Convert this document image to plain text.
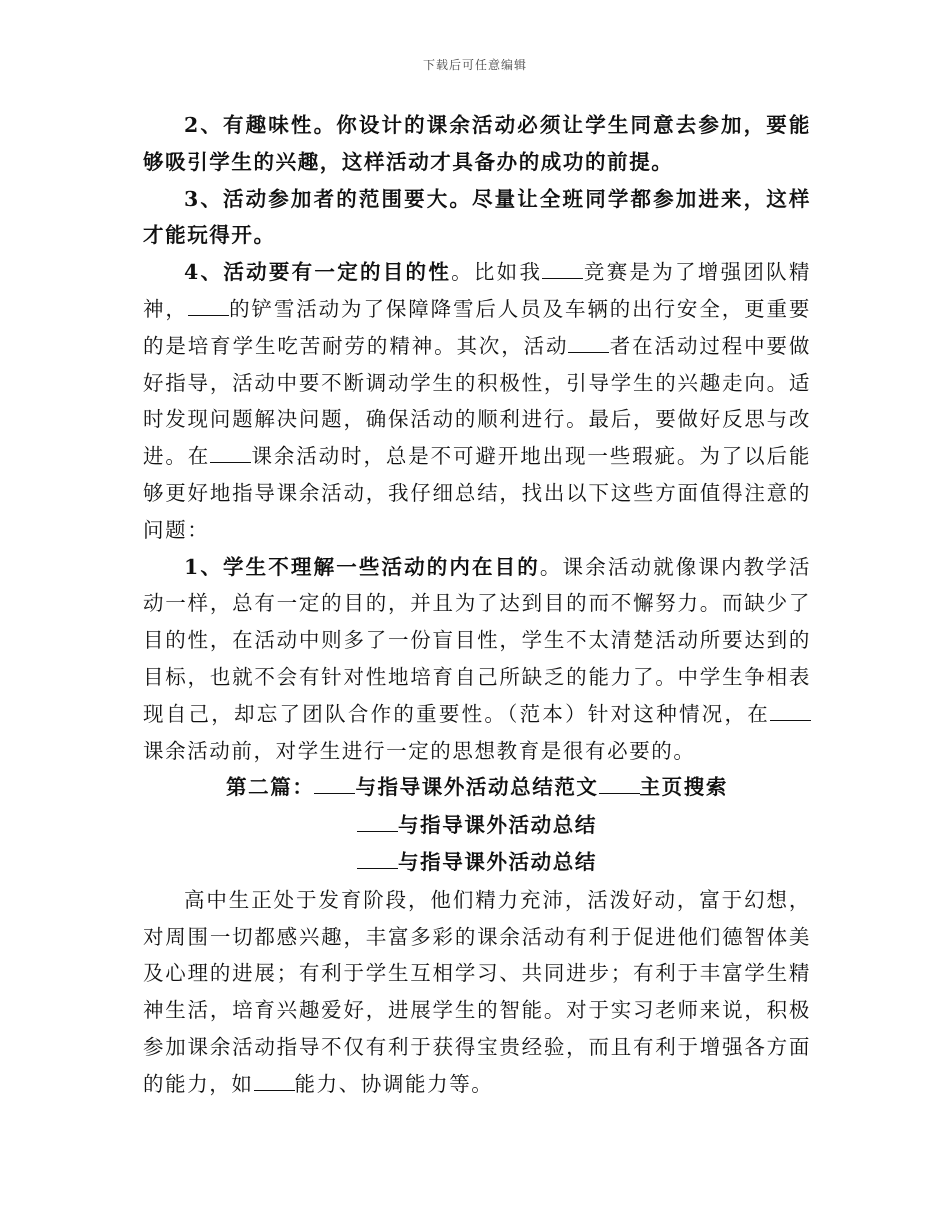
下载后可任意编辑

2、有趣味性。你设计的课余活动必须让学生同意去参加，要能够吸引学生的兴趣，这样活动才具备办的成功的前提。

3、活动参加者的范围要大。尽量让全班同学都参加进来，这样才能玩得开。

4、活动要有一定的目的性。比如我 竞赛是为了增强团队精神， 的铲雪活动为了保障降雪后人员及车辆的出行安全，更重要的是培育学生吃苦耐劳的精神。其次，活动 者在活动过程中要做好指导，活动中要不断调动学生的积极性，引导学生的兴趣走向。适时发现问题解决问题，确保活动的顺利进行。最后，要做好反思与改进。在 课余活动时，总是不可避开地出现一些瑕疵。为了以后能够更好地指导课余活动，我仔细总结，找出以下这些方面值得注意的问题：

1、学生不理解一些活动的内在目的。课余活动就像课内教学活动一样，总有一定的目的，并且为了达到目的而不懈努力。而缺少了目的性，在活动中则多了一份盲目性，学生不太清楚活动所要达到的目标，也就不会有针对性地培育自己所缺乏的能力了。中学生争相表现自己，却忘了团队合作的重要性。（范本）针对这种情况，在课余活动前，对学生进行一定的思想教育是很有必要的。

第二篇： 与指导课外活动总结范文 主页搜索

与指导课外活动总结

与指导课外活动总结

高中生正处于发育阶段，他们精力充沛，活泼好动，富于幻想，对周围一切都感兴趣，丰富多彩的课余活动有利于促进他们德智体美及心理的进展；有利于学生互相学习、共同进步；有利于丰富学生精神生活，培育兴趣爱好，进展学生的智能。对于实习老师来说，积极参加课余活动指导不仅有利于获得宝贵经验，而且有利于增强各方面的能力，如 能力、协调能力等。
